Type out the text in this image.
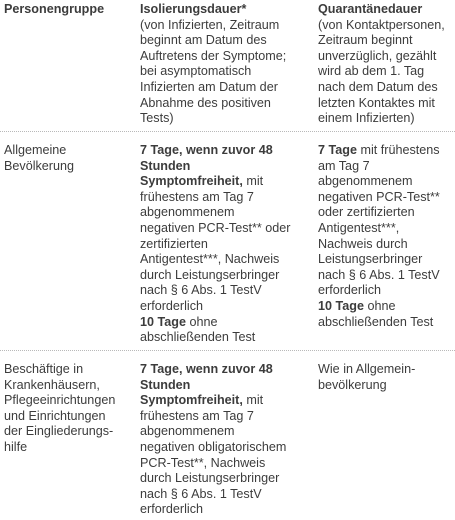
Personengruppe	Isolierungsdauer*
(von Infizierten, Zeitraum
beginnt am Datum des
Auftretens der Symptome;
bei asymptomatisch
Infizierten am Datum der
Abnahme des positiven
Tests)
Quarantänedauer
(von Kontaktpersonen,
Zeitraum beginnt
unverzüglich, gezählt
wird ab dem 1. Tag
nach dem Datum des
letzten Kontaktes mit
einem Infizierten)
Allgemeine
Bevölkerung
7 Tage, wenn zuvor 48
Stunden
Symptomfreiheit, mit
frühestens am Tag 7
abgenommenem
negativen PCR-Test** oder
zertifizierten
Antigentest***, Nachweis
durch Leistungserbringer
nach § 6 Abs. 1 TestV
erforderlich
10 Tage ohne
abschließenden Test
7 Tage mit frühestens
am Tag 7
abgenommenem
negativen PCR-Test**
oder zertifizierten
Antigentest***,
Nachweis durch
Leistungserbringer
nach § 6 Abs. 1 TestV
erforderlich
10 Tage ohne
abschließenden Test
Beschäftige in
Krankenhäusern,
Pflegeeinrichtungen
und Einrichtungen
der Eingliederungs-
hilfe
7 Tage, wenn zuvor 48
Stunden
Symptomfreiheit, mit
frühestens am Tag 7
abgenommenem
negativen obligatorischem
PCR-Test**, Nachweis
durch Leistungserbringer
nach § 6 Abs. 1 TestV
erforderlich
Wie in Allgemein-
bevölkerung
